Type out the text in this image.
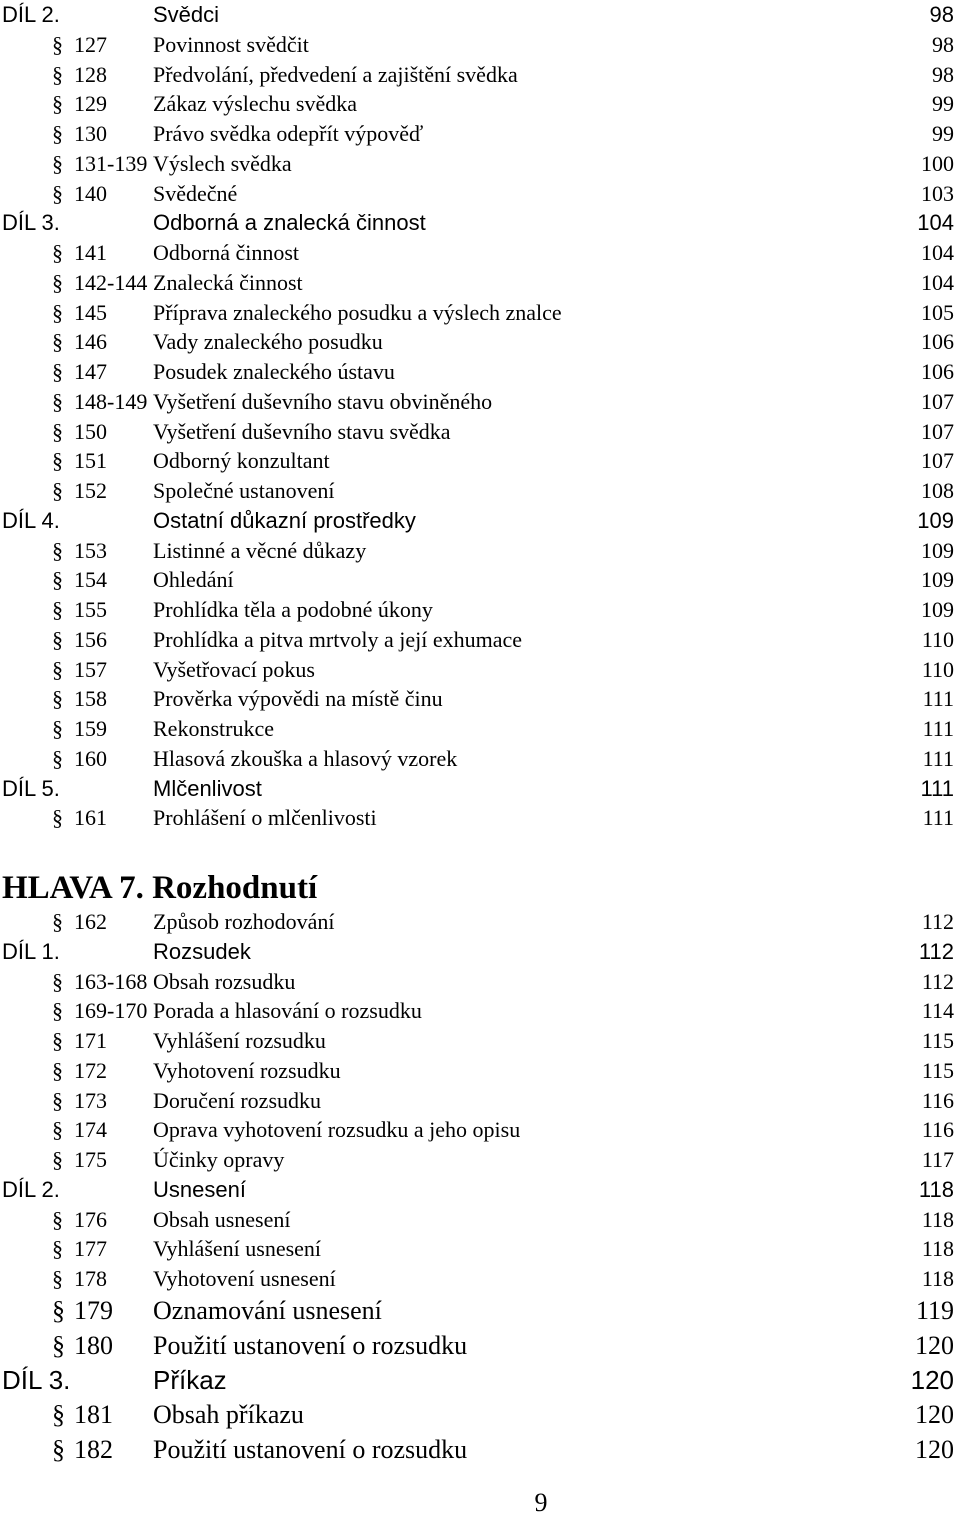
DÍL 2.	Svědci	98
§ 127 Povinnost svědčit	98
§ 128 Předvolání, předvedení a zajištění svědka	98
§ 129 Zákaz výslechu svědka	99
§ 130 Právo svědka odepřít výpověď	99
§ 131-139 Výslech svědka	100
§ 140 Svědečné	103
DÍL 3.	Odborná a znalecká činnost	104
§ 141 Odborná činnost	104
§ 142-144 Znalecká činnost	104
§ 145 Příprava znaleckého posudku a výslech znalce	105
§ 146 Vady znaleckého posudku	106
§ 147 Posudek znaleckého ústavu	106
§ 148-149 Vyšetření duševního stavu obviněného	107
§ 150 Vyšetření duševního stavu svědka	107
§ 151 Odborný konzultant	107
§ 152 Společné ustanovení	108
DÍL 4.	Ostatní důkazní prostředky	109
§ 153 Listinné a věcné důkazy	109
§ 154 Ohledání	109
§ 155 Prohlídka těla a podobné úkony	109
§ 156 Prohlídka a pitva mrtvoly a její exhumace	110
§ 157 Vyšetřovací pokus	110
§ 158 Prověrka výpovědi na místě činu	111
§ 159 Rekonstrukce	111
§ 160 Hlasová zkouška a hlasový vzorek	111
DÍL 5.	Mlčenlivost	111
§ 161 Prohlášení o mlčenlivosti	111
HLAVA 7. Rozhodnutí
§ 162 Způsob rozhodování	112
DÍL 1.	Rozsudek	112
§ 163-168 Obsah rozsudku	112
§ 169-170 Porada a hlasování o rozsudku	114
§ 171 Vyhlášení rozsudku	115
§ 172 Vyhotovení rozsudku	115
§ 173 Doručení rozsudku	116
§ 174 Oprava vyhotovení rozsudku a jeho opisu	116
§ 175 Účinky opravy	117
DÍL 2.	Usnesení	118
§ 176 Obsah usnesení	118
§ 177 Vyhlášení usnesení	118
§ 178 Vyhotovení usnesení	118
§ 179 Oznamování usnesení	119
§ 180 Použití ustanovení o rozsudku	120
DÍL 3.	Příkaz	120
§ 181 Obsah příkazu	120
§ 182 Použití ustanovení o rozsudku	120
9
